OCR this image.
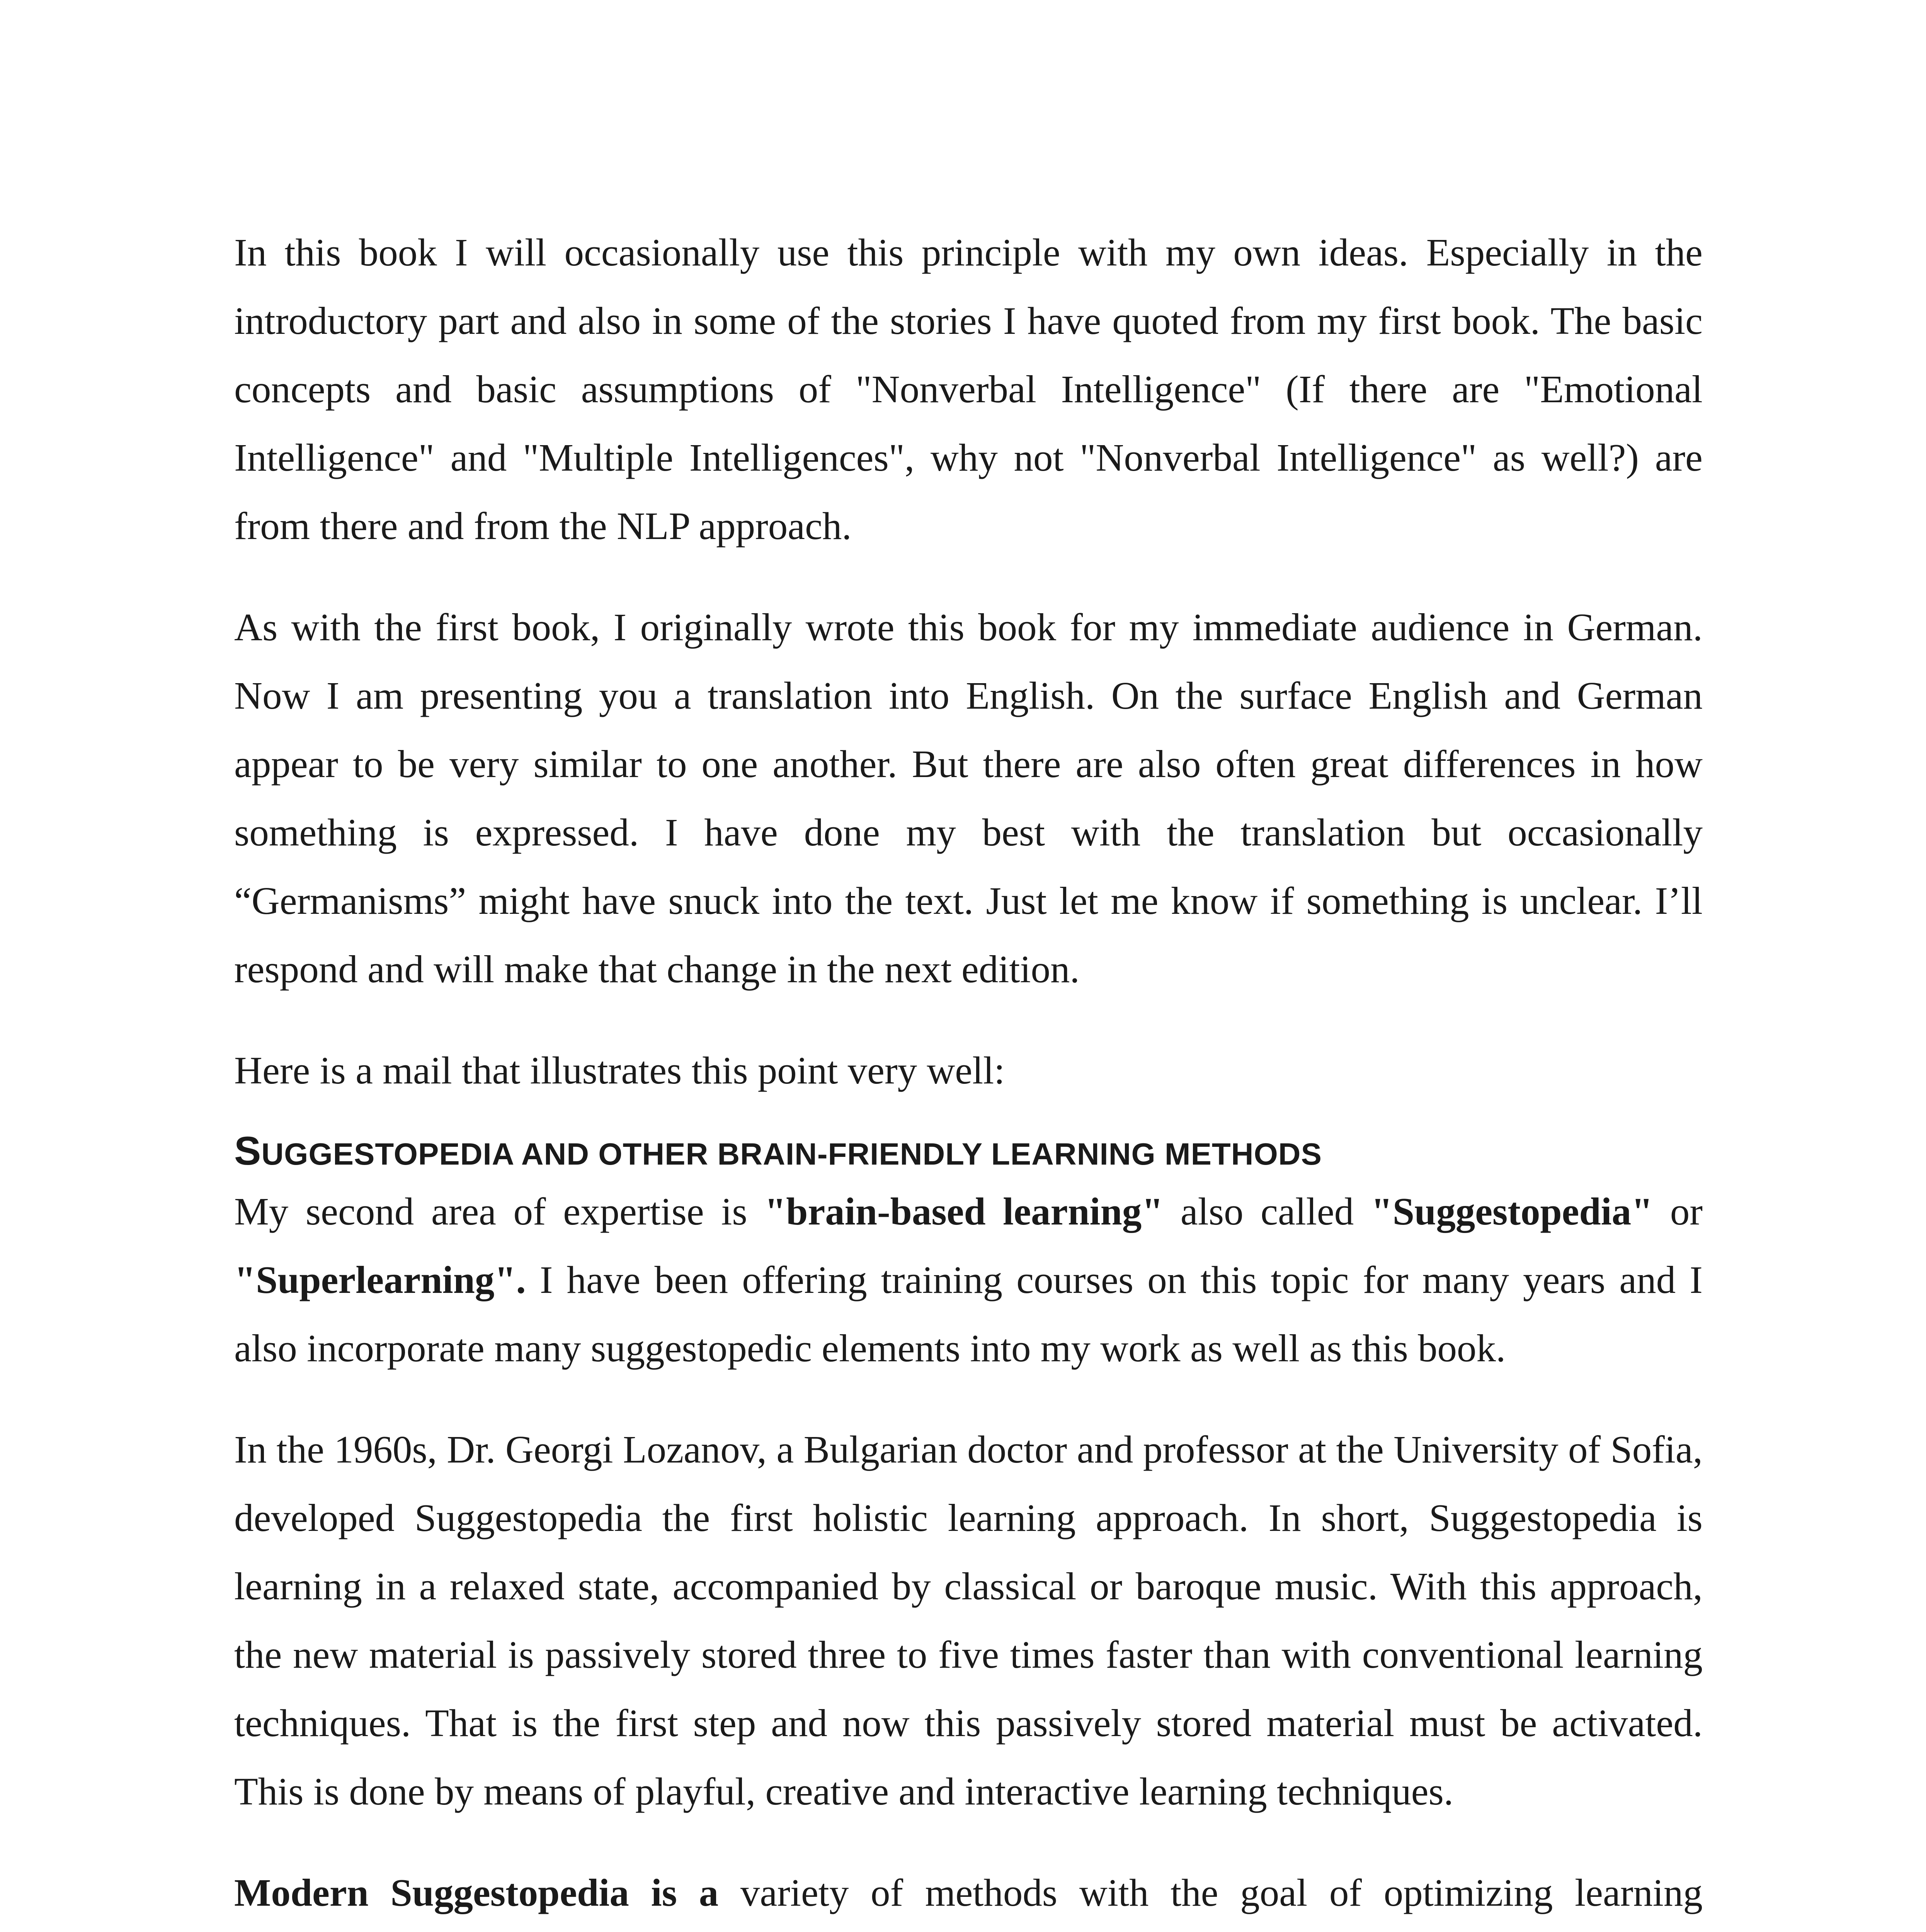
In this book I will occasionally use this principle with my own ideas. Especially in the introductory part and also in some of the stories I have quoted from my first book. The basic concepts and basic assumptions of "Nonverbal Intelligence" (If there are "Emotional Intelligence" and "Multiple Intelligences", why not "Nonverbal Intelligence" as well?) are from there and from the NLP approach.

As with the first book, I originally wrote this book for my immediate audience in German. Now I am presenting you a translation into English. On the surface English and German appear to be very similar to one another. But there are also often great differences in how something is expressed. I have done my best with the translation but occasionally “Germanisms” might have snuck into the text. Just let me know if something is unclear. I’ll respond and will make that change in the next edition.

Here is a mail that illustrates this point very well:

SUGGESTOPEDIA AND OTHER BRAIN-FRIENDLY LEARNING METHODS

My second area of expertise is "brain-based learning" also called "Suggestopedia" or "Superlearning". I have been offering training courses on this topic for many years and I also incorporate many suggestopedic elements into my work as well as this book.

In the 1960s, Dr. Georgi Lozanov, a Bulgarian doctor and professor at the University of Sofia, developed Suggestopedia the first holistic learning approach. In short, Suggestopedia is learning in a relaxed state, accompanied by classical or baroque music. With this approach, the new material is passively stored three to five times faster than with conventional learning techniques. That is the first step and now this passively stored material must be activated. This is done by means of playful, creative and interactive learning techniques.

Modern Suggestopedia is a variety of methods with the goal of optimizing learning
